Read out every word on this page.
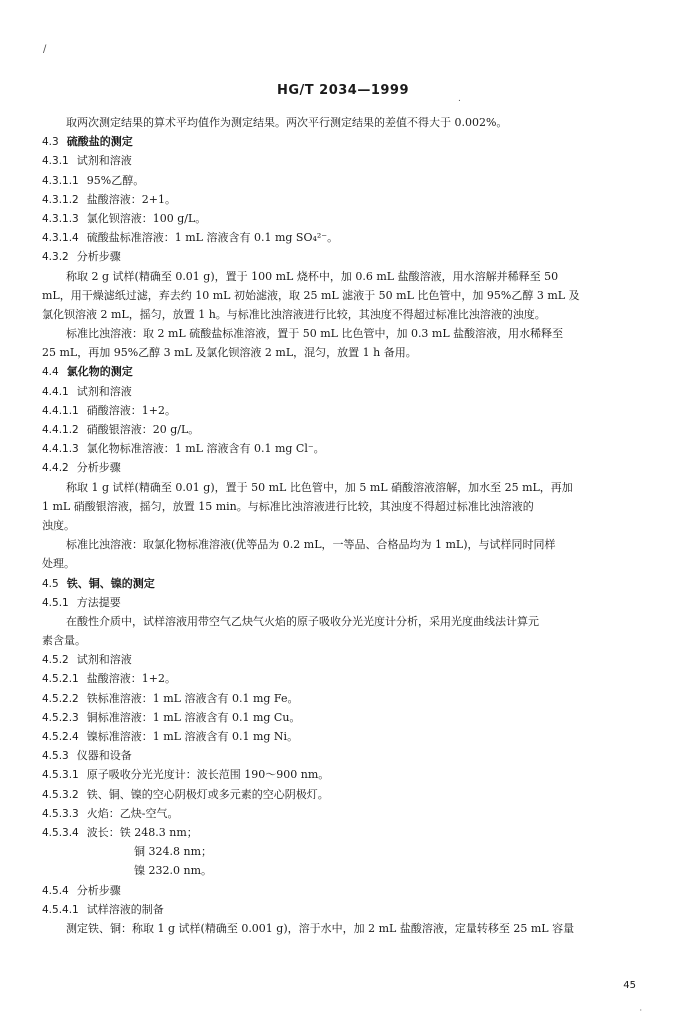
/
HG/T 2034—1999
.
取两次测定结果的算术平均值作为测定结果。两次平行测定结果的差值不得大于 0.002%。
4.3 硫酸盐的测定
4.3.1 试剂和溶液
4.3.1.1 95%乙醇。
4.3.1.2 盐酸溶液：2+1。
4.3.1.3 氯化钡溶液：100 g/L。
4.3.1.4 硫酸盐标准溶液：1 mL 溶液含有 0.1 mg SO₄²⁻。
4.3.2 分析步骤
称取 2 g 试样(精确至 0.01 g)，置于 100 mL 烧杯中，加 0.6 mL 盐酸溶液，用水溶解并稀释至 50
mL，用干燥滤纸过滤，弃去约 10 mL 初始滤液，取 25 mL 滤液于 50 mL 比色管中，加 95%乙醇 3 mL 及
氯化钡溶液 2 mL，摇匀，放置 1 h。与标准比浊溶液进行比较，其浊度不得超过标准比浊溶液的浊度。
标准比浊溶液：取 2 mL 硫酸盐标准溶液，置于 50 mL 比色管中，加 0.3 mL 盐酸溶液，用水稀释至
25 mL，再加 95%乙醇 3 mL 及氯化钡溶液 2 mL，混匀，放置 1 h 备用。
4.4 氯化物的测定
4.4.1 试剂和溶液
4.4.1.1 硝酸溶液：1+2。
4.4.1.2 硝酸银溶液：20 g/L。
4.4.1.3 氯化物标准溶液：1 mL 溶液含有 0.1 mg Cl⁻。
4.4.2 分析步骤
称取 1 g 试样(精确至 0.01 g)，置于 50 mL 比色管中，加 5 mL 硝酸溶液溶解，加水至 25 mL，再加
1 mL 硝酸银溶液，摇匀，放置 15 min。与标准比浊溶液进行比较，其浊度不得超过标准比浊溶液的
浊度。
标准比浊溶液：取氯化物标准溶液(优等品为 0.2 mL，一等品、合格品均为 1 mL)，与试样同时同样
处理。
4.5 铁、铜、镍的测定
4.5.1 方法提要
在酸性介质中，试样溶液用带空气乙炔气火焰的原子吸收分光光度计分析，采用光度曲线法计算元
素含量。
4.5.2 试剂和溶液
4.5.2.1 盐酸溶液：1+2。
4.5.2.2 铁标准溶液：1 mL 溶液含有 0.1 mg Fe。
4.5.2.3 铜标准溶液：1 mL 溶液含有 0.1 mg Cu。
4.5.2.4 镍标准溶液：1 mL 溶液含有 0.1 mg Ni。
4.5.3 仪器和设备
4.5.3.1 原子吸收分光光度计：波长范围 190～900 nm。
4.5.3.2 铁、铜、镍的空心阴极灯或多元素的空心阴极灯。
4.5.3.3 火焰：乙炔-空气。
4.5.3.4 波长：铁 248.3 nm；
铜 324.8 nm；
镍 232.0 nm。
4.5.4 分析步骤
4.5.4.1 试样溶液的制备
测定铁、铜：称取 1 g 试样(精确至 0.001 g)，溶于水中，加 2 mL 盐酸溶液，定量转移至 25 mL 容量
45
·
